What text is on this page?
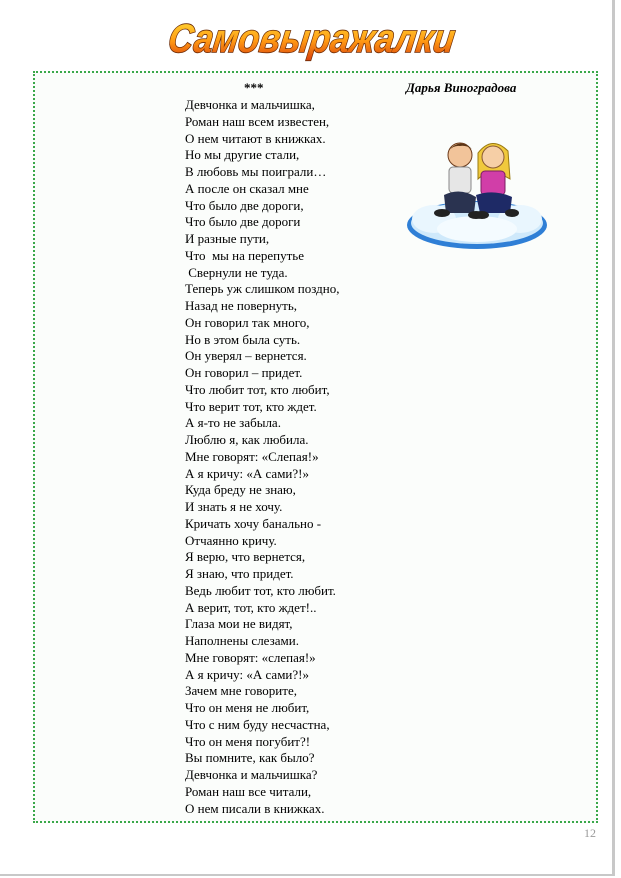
Самовыражалки
***	Дарья Виноградова
Девчонка и мальчишка,
Роман наш всем известен,
О нем читают в книжках.
Но мы другие стали,
В любовь мы поиграли…
А после он сказал мне
Что было две дороги,
Что было две дороги
И разные пути,
Что  мы на перепутье
Свернули не туда.
Теперь уж слишком поздно,
Назад не повернуть,
Он говорил так много,
Но в этом была суть.
Он уверял – вернется.
Он говорил – придет.
Что любит тот, кто любит,
Что верит тот, кто ждет.
А я-то не забыла.
Люблю я, как любила.
Мне говорят: «Слепая!»
А я кричу: «А сами?!»
Куда бреду не знаю,
И знать я не хочу.
Кричать хочу банально -
Отчаянно кричу.
Я верю, что вернется,
Я знаю, что придет.
Ведь любит тот, кто любит.
А верит, тот, кто ждет!..
Глаза мои не видят,
Наполнены слезами.
Мне говорят: «слепая!»
А я кричу: «А сами?!»
Зачем мне говорите,
Что он меня не любит,
Что с ним буду несчастна,
Что он меня погубит?!
Вы помните, как было?
Девчонка и мальчишка?
Роман наш все читали,
О нем писали в книжках.
12
